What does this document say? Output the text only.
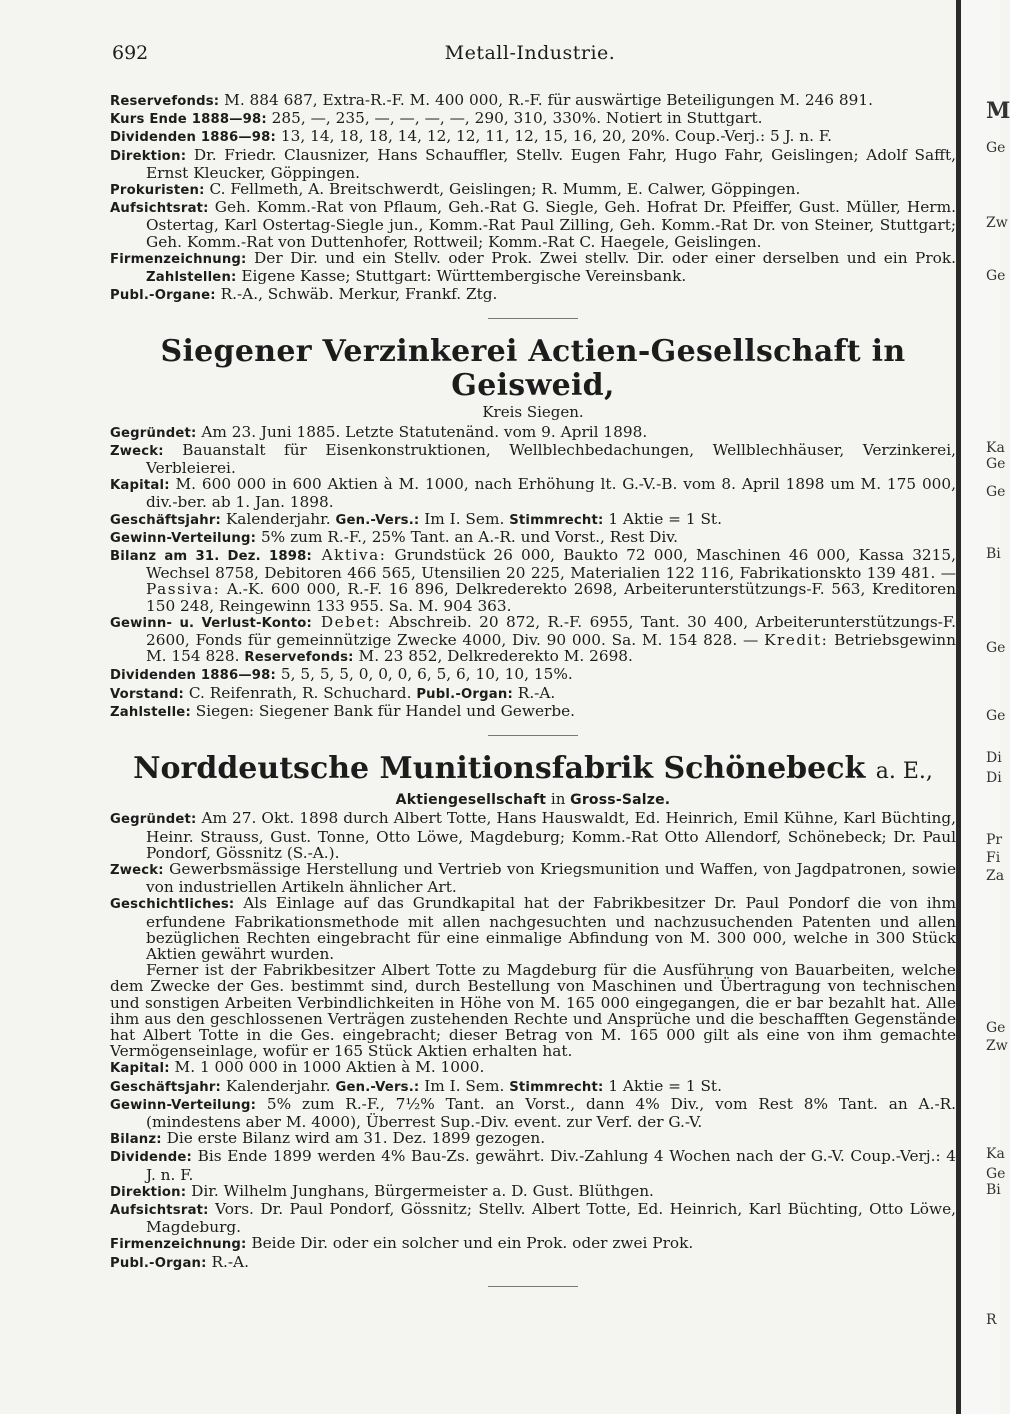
M
Ge
Zw
Ge
Ka
Ge
Ge
Bi
Ge
Ge
Di
Di
Pr
Fi
Za
Ge
Zw
Ka
Ge
Bi
R
692	Metall-Industrie.

Reservefonds: M. 884 687, Extra-R.-F. M. 400 000, R.-F. für auswärtige Beteiligungen M. 246 891.

Kurs Ende 1888—98: 285, —, 235, —, —, —, —, 290, 310, 330%. Notiert in Stuttgart.

Dividenden 1886—98: 13, 14, 18, 18, 14, 12, 12, 11, 12, 15, 16, 20, 20%. Coup.-Verj.: 5 J. n. F.

Direktion: Dr. Friedr. Clausnizer, Hans Schauffler, Stellv. Eugen Fahr, Hugo Fahr, Geislingen; Adolf Safft, Ernst Kleucker, Göppingen.

Prokuristen: C. Fellmeth, A. Breitschwerdt, Geislingen; R. Mumm, E. Calwer, Göppingen.

Aufsichtsrat: Geh. Komm.-Rat von Pflaum, Geh.-Rat G. Siegle, Geh. Hofrat Dr. Pfeiffer, Gust. Müller, Herm. Ostertag, Karl Ostertag-Siegle jun., Komm.-Rat Paul Zilling, Geh. Komm.-Rat Dr. von Steiner, Stuttgart; Geh. Komm.-Rat von Duttenhofer, Rottweil; Komm.-Rat C. Haegele, Geislingen.

Firmenzeichnung: Der Dir. und ein Stellv. oder Prok. Zwei stellv. Dir. oder einer derselben und ein Prok. Zahlstellen: Eigene Kasse; Stuttgart: Württembergische Vereinsbank.

Publ.-Organe: R.-A., Schwäb. Merkur, Frankf. Ztg.

Siegener Verzinkerei Actien-Gesellschaft in Geisweid,
Kreis Siegen.

Gegründet: Am 23. Juni 1885. Letzte Statutenänd. vom 9. April 1898.

Zweck: Bauanstalt für Eisenkonstruktionen, Wellblechbedachungen, Wellblechhäuser, Verzinkerei, Verbleierei.

Kapital: M. 600 000 in 600 Aktien à M. 1000, nach Erhöhung lt. G.-V.-B. vom 8. April 1898 um M. 175 000, div.-ber. ab 1. Jan. 1898.

Geschäftsjahr: Kalenderjahr. Gen.-Vers.: Im I. Sem. Stimmrecht: 1 Aktie = 1 St.

Gewinn-Verteilung: 5% zum R.-F., 25% Tant. an A.-R. und Vorst., Rest Div.

Bilanz am 31. Dez. 1898: Aktiva: Grundstück 26 000, Baukto 72 000, Maschinen 46 000, Kassa 3215, Wechsel 8758, Debitoren 466 565, Utensilien 20 225, Materialien 122 116, Fabrikationskto 139 481. — Passiva: A.-K. 600 000, R.-F. 16 896, Delkrederekto 2698, Arbeiterunterstützungs-F. 563, Kreditoren 150 248, Reingewinn 133 955. Sa. M. 904 363.

Gewinn- u. Verlust-Konto: Debet: Abschreib. 20 872, R.-F. 6955, Tant. 30 400, Arbeiterunterstützungs-F. 2600, Fonds für gemeinnützige Zwecke 4000, Div. 90 000. Sa. M. 154 828. — Kredit: Betriebsgewinn M. 154 828. Reservefonds: M. 23 852, Delkrederekto M. 2698.

Dividenden 1886—98: 5, 5, 5, 5, 0, 0, 0, 6, 5, 6, 10, 10, 15%.

Vorstand: C. Reifenrath, R. Schuchard. Publ.-Organ: R.-A.

Zahlstelle: Siegen: Siegener Bank für Handel und Gewerbe.

Norddeutsche Munitionsfabrik Schönebeck a. E.,
Aktiengesellschaft in Gross-Salze.

Gegründet: Am 27. Okt. 1898 durch Albert Totte, Hans Hauswaldt, Ed. Heinrich, Emil Kühne, Karl Büchting, Heinr. Strauss, Gust. Tonne, Otto Löwe, Magdeburg; Komm.-Rat Otto Allendorf, Schönebeck; Dr. Paul Pondorf, Gössnitz (S.-A.).

Zweck: Gewerbsmässige Herstellung und Vertrieb von Kriegsmunition und Waffen, von Jagdpatronen, sowie von industriellen Artikeln ähnlicher Art.

Geschichtliches: Als Einlage auf das Grundkapital hat der Fabrikbesitzer Dr. Paul Pondorf die von ihm erfundene Fabrikationsmethode mit allen nachgesuchten und nachzusuchenden Patenten und allen bezüglichen Rechten eingebracht für eine einmalige Abfindung von M. 300 000, welche in 300 Stück Aktien gewährt wurden.

Ferner ist der Fabrikbesitzer Albert Totte zu Magdeburg für die Ausführung von Bauarbeiten, welche dem Zwecke der Ges. bestimmt sind, durch Bestellung von Maschinen und Übertragung von technischen und sonstigen Arbeiten Verbindlichkeiten in Höhe von M. 165 000 eingegangen, die er bar bezahlt hat. Alle ihm aus den geschlossenen Verträgen zustehenden Rechte und Ansprüche und die beschafften Gegenstände hat Albert Totte in die Ges. eingebracht; dieser Betrag von M. 165 000 gilt als eine von ihm gemachte Vermögenseinlage, wofür er 165 Stück Aktien erhalten hat.

Kapital: M. 1 000 000 in 1000 Aktien à M. 1000.

Geschäftsjahr: Kalenderjahr. Gen.-Vers.: Im I. Sem. Stimmrecht: 1 Aktie = 1 St.

Gewinn-Verteilung: 5% zum R.-F., 7½% Tant. an Vorst., dann 4% Div., vom Rest 8% Tant. an A.-R. (mindestens aber M. 4000), Überrest Sup.-Div. event. zur Verf. der G.-V.

Bilanz: Die erste Bilanz wird am 31. Dez. 1899 gezogen.

Dividende: Bis Ende 1899 werden 4% Bau-Zs. gewährt. Div.-Zahlung 4 Wochen nach der G.-V. Coup.-Verj.: 4 J. n. F.

Direktion: Dir. Wilhelm Junghans, Bürgermeister a. D. Gust. Blüthgen.

Aufsichtsrat: Vors. Dr. Paul Pondorf, Gössnitz; Stellv. Albert Totte, Ed. Heinrich, Karl Büchting, Otto Löwe, Magdeburg.

Firmenzeichnung: Beide Dir. oder ein solcher und ein Prok. oder zwei Prok.

Publ.-Organ: R.-A.
